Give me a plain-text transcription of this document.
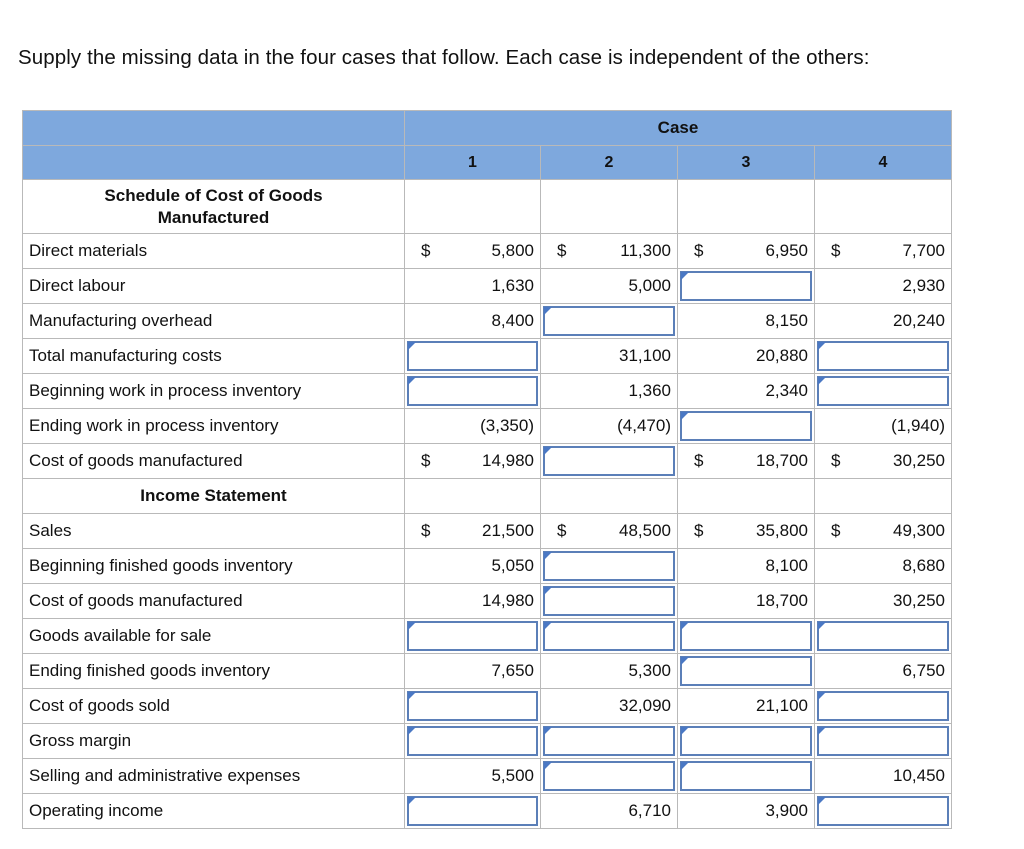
Supply the missing data in the four cases that follow. Each case is independent of the others:
	Case			
	1	2	3	4

Schedule of Cost of Goods Manufactured				

Direct materials	$ 5,800	$ 11,300	$ 6,950	$ 7,700

Direct labour	1,630	5,000		2,930

Manufacturing overhead	8,400		8,150	20,240

Total manufacturing costs		31,100	20,880	

Beginning work in process inventory		1,360	2,340	

Ending work in process inventory	(3,350)	(4,470)		(1,940)

Cost of goods manufactured	$ 14,980		$ 18,700	$ 30,250

Income Statement				
Sales	$ 21,500	$ 48,500	$ 35,800	$ 49,300

Beginning finished goods inventory	5,050		8,100	8,680

Cost of goods manufactured	14,980		18,700	30,250

Goods available for sale	

Ending finished goods inventory	7,650	5,300		6,750

Cost of goods sold		32,090	21,100	

Gross margin	

Selling and administrative expenses	5,500			10,450

Operating income		6,710	3,900	
